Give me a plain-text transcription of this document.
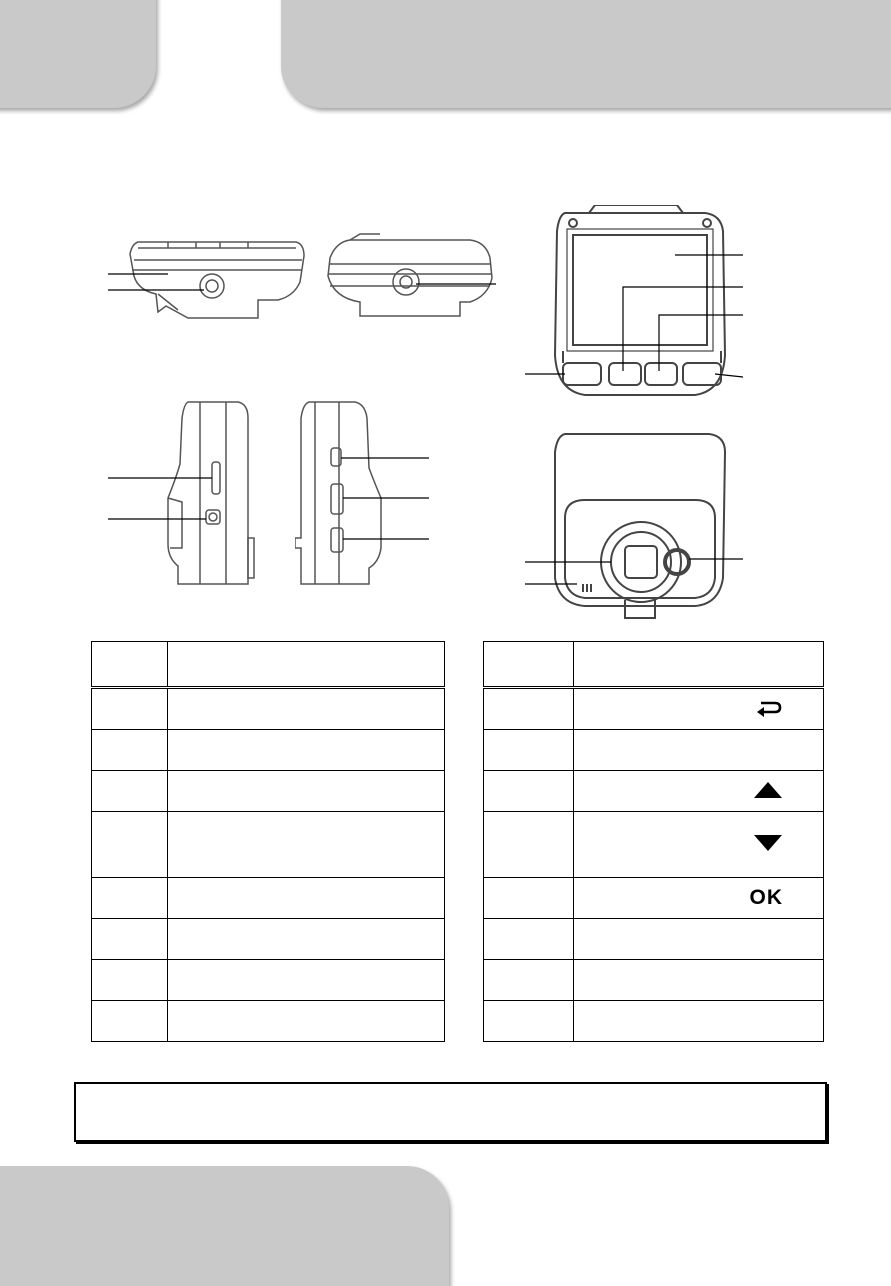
	OK
